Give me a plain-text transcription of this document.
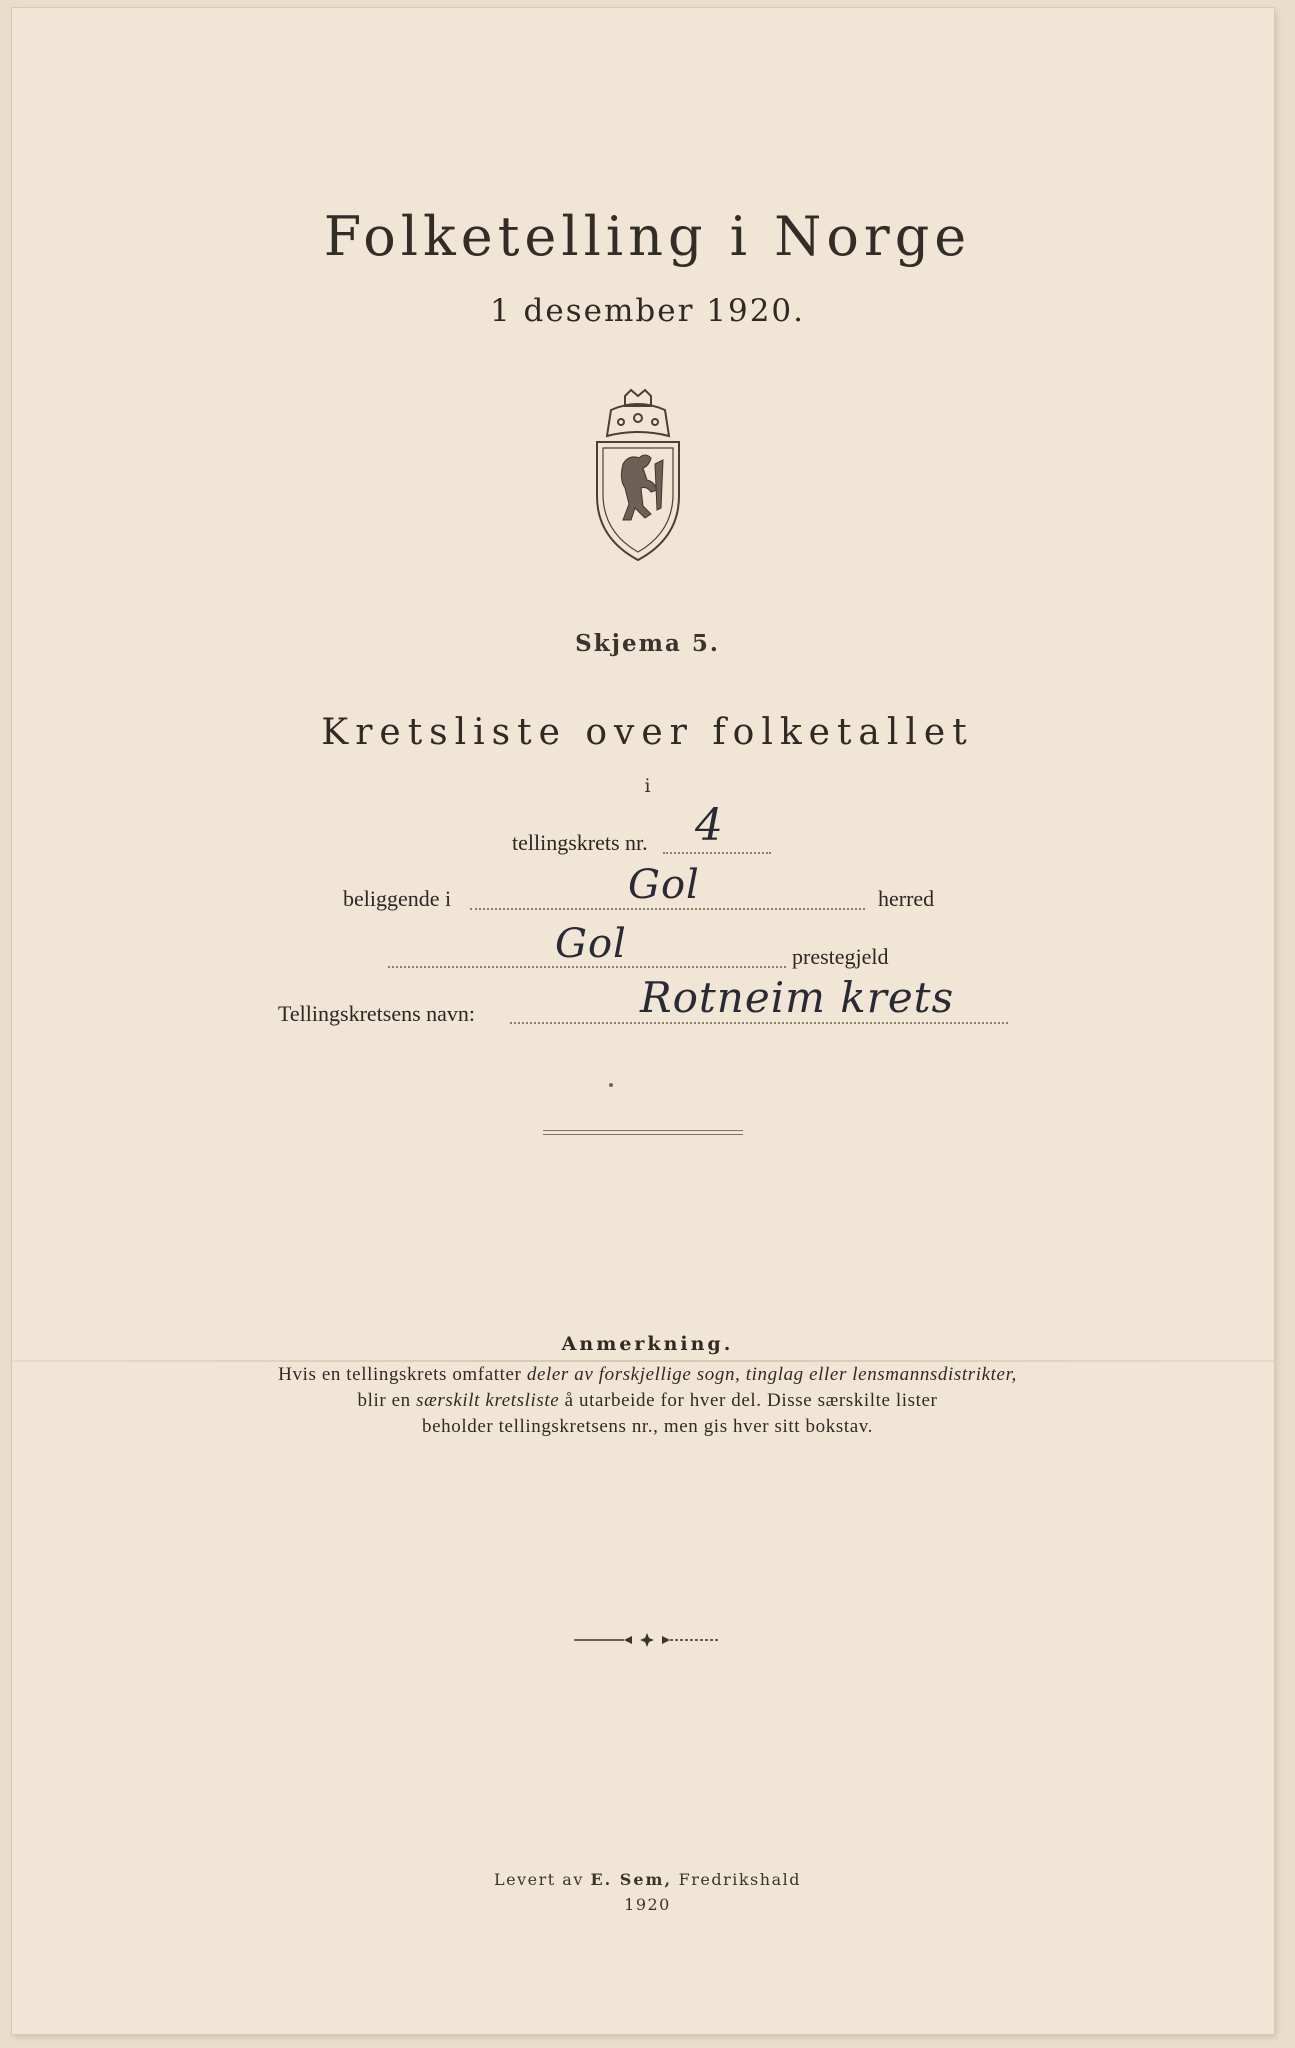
Folketelling i Norge
1 desember 1920.
Skjema 5.
Kretsliste over folketallet
i
tellingskrets nr. 4
beliggende i	Gol	herred
Gol	prestegjeld
Tellingskretsens navn:	Rotneim krets
Anmerkning.
Hvis en tellingskrets omfatter deler av forskjellige sogn, tinglag eller lensmannsdistrikter,
blir en særskilt kretsliste å utarbeide for hver del. Disse særskilte lister
beholder tellingskretsens nr., men gis hver sitt bokstav.
Levert av E. Sem, Fredrikshald
1920
